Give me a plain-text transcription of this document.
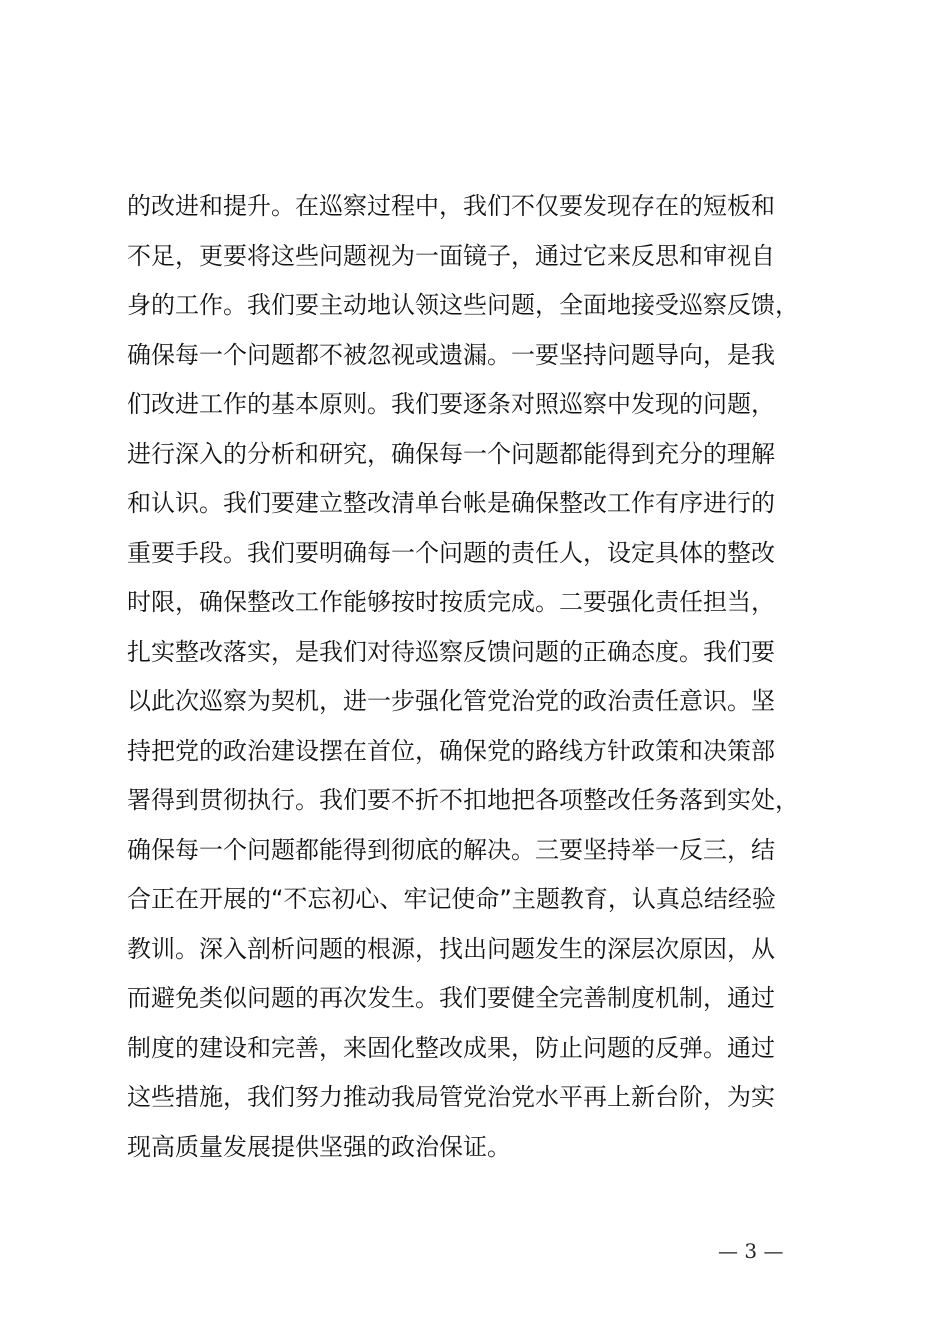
的改进和提升。在巡察过程中，我们不仅要发现存在的短板和
不足，更要将这些问题视为一面镜子，通过它来反思和审视自
身的工作。我们要主动地认领这些问题，全面地接受巡察反馈，
确保每一个问题都不被忽视或遗漏。一要坚持问题导向，是我
们改进工作的基本原则。我们要逐条对照巡察中发现的问题，
进行深入的分析和研究，确保每一个问题都能得到充分的理解
和认识。我们要建立整改清单台帐是确保整改工作有序进行的
重要手段。我们要明确每一个问题的责任人，设定具体的整改
时限，确保整改工作能够按时按质完成。二要强化责任担当，
扎实整改落实，是我们对待巡察反馈问题的正确态度。我们要
以此次巡察为契机，进一步强化管党治党的政治责任意识。坚
持把党的政治建设摆在首位，确保党的路线方针政策和决策部
署得到贯彻执行。我们要不折不扣地把各项整改任务落到实处，
确保每一个问题都能得到彻底的解决。三要坚持举一反三，结
合正在开展的“不忘初心、牢记使命”主题教育，认真总结经验
教训。深入剖析问题的根源，找出问题发生的深层次原因，从
而避免类似问题的再次发生。我们要健全完善制度机制，通过
制度的建设和完善，来固化整改成果，防止问题的反弹。通过
这些措施，我们努力推动我局管党治党水平再上新台阶，为实
现高质量发展提供坚强的政治保证。
— 3 —
